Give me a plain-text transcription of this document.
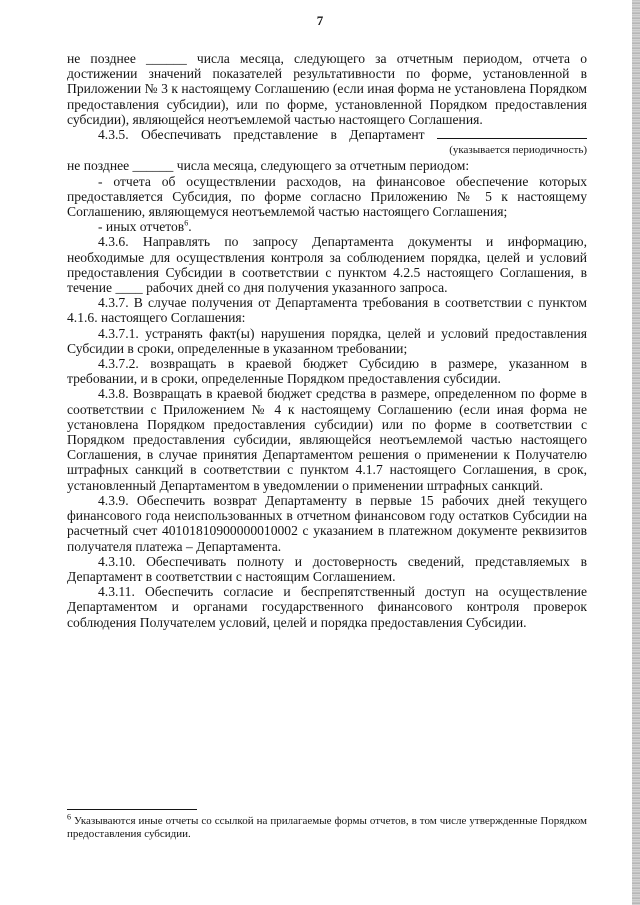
7

не позднее ______ числа месяца, следующего за отчетным периодом, отчета о достижении значений показателей результативности по форме, установленной в Приложении № 3 к настоящему Соглашению (если иная форма не установлена Порядком предоставления субсидии), или по форме, установленной Порядком предоставления субсидии), являющейся неотъемлемой частью настоящего Соглашения.

4.3.5. Обеспечивать представление в Департамент

(указывается периодичность)

не позднее ______ числа месяца, следующего за отчетным периодом:

- отчета об осуществлении расходов, на финансовое обеспечение которых предоставляется Субсидия, по форме согласно Приложению № 5 к настоящему Соглашению, являющемуся неотъемлемой частью настоящего Соглашения;

- иных отчетов$^6$.

4.3.6. Направлять по запросу Департамента документы и информацию, необходимые для осуществления контроля за соблюдением порядка, целей и условий предоставления Субсидии в соответствии с пунктом 4.2.5 настоящего Соглашения, в течение ____ рабочих дней со дня получения указанного запроса.

4.3.7. В случае получения от Департамента требования в соответствии с пунктом 4.1.6. настоящего Соглашения:

4.3.7.1. устранять факт(ы) нарушения порядка, целей и условий предоставления Субсидии в сроки, определенные в указанном требовании;

4.3.7.2. возвращать в краевой бюджет Субсидию в размере, указанном в требовании, и в сроки, определенные Порядком предоставления субсидии.

4.3.8. Возвращать в краевой бюджет средства в размере, определенном по форме в соответствии с Приложением № 4 к настоящему Соглашению (если иная форма не установлена Порядком предоставления субсидии) или по форме в соответствии с Порядком предоставления субсидии, являющейся неотъемлемой частью настоящего Соглашения, в случае принятия Департаментом решения о применении к Получателю штрафных санкций в соответствии с пунктом 4.1.7 настоящего Соглашения, в срок, установленный Департаментом в уведомлении о применении штрафных санкций.

4.3.9. Обеспечить возврат Департаменту в первые 15 рабочих дней текущего финансового года неиспользованных в отчетном финансовом году остатков Субсидии на расчетный счет 40101810900000010002 с указанием в платежном документе реквизитов получателя платежа – Департамента.

4.3.10. Обеспечивать полноту и достоверность сведений, представляемых в Департамент в соответствии с настоящим Соглашением.

4.3.11. Обеспечить согласие и беспрепятственный доступ на осуществление Департаментом и органами государственного финансового контроля проверок соблюдения Получателем условий, целей и порядка предоставления Субсидии.

$^6$ Указываются иные отчеты со ссылкой на прилагаемые формы отчетов, в том числе утвержденные Порядком предоставления субсидии.
